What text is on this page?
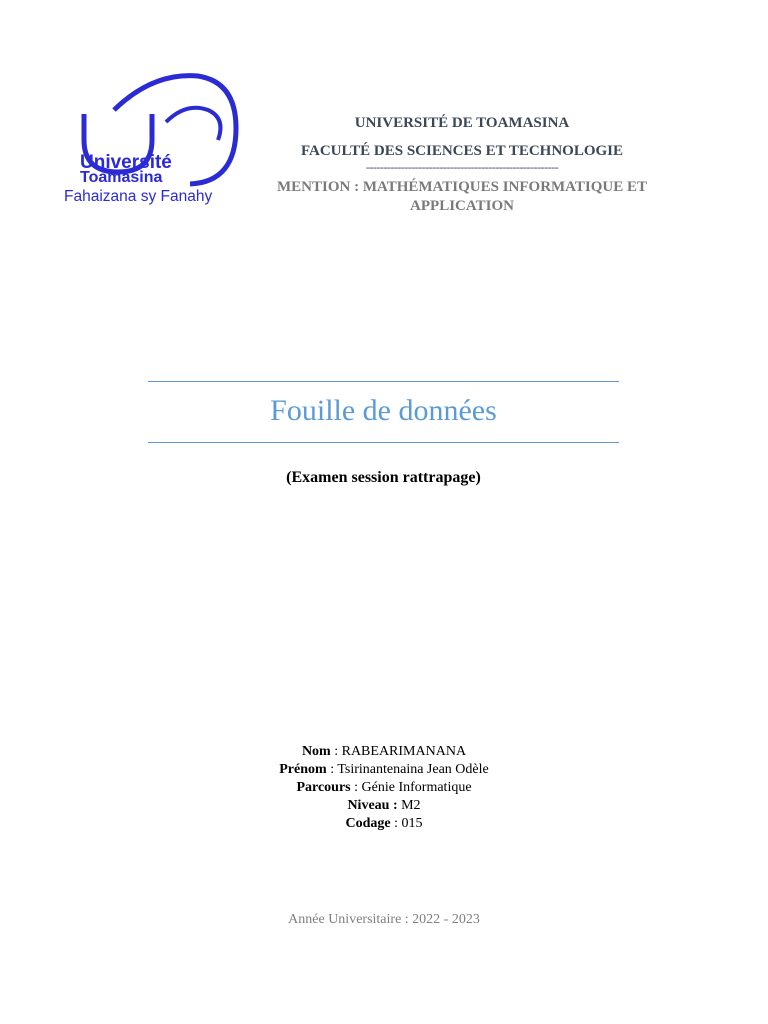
Université
Toamasina
Fahaizana sy Fanahy
UNIVERSITÉ DE TOAMASINA
FACULTÉ DES SCIENCES ET TECHNOLOGIE
-------------------------------------------------------
MENTION : MATHÉMATIQUES INFORMATIQUE ET APPLICATION
Fouille de données
(Examen session rattrapage)
Nom : RABEARIMANANA
Prénom : Tsirinantenaina Jean Odèle
Parcours : Génie Informatique
Niveau : M2
Codage : 015
Année Universitaire : 2022 - 2023
